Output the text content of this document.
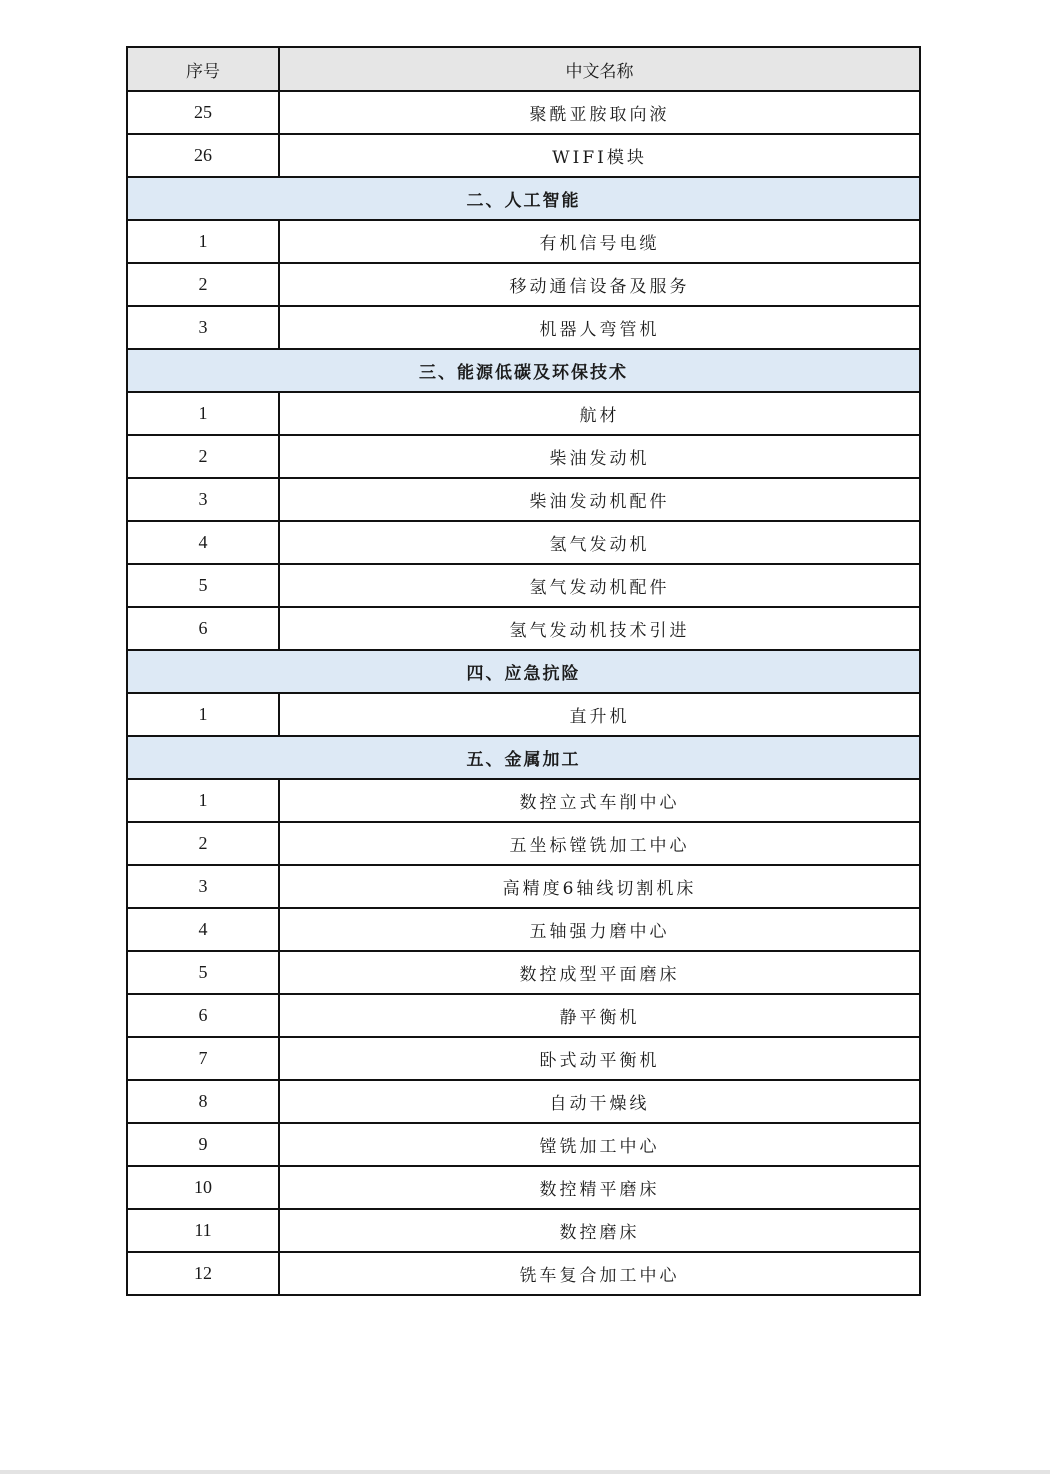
序号	中文名称
25	聚酰亚胺取向液
26	WIFI模块
二、人工智能	
1	有机信号电缆
2	移动通信设备及服务
3	机器人弯管机
三、能源低碳及环保技术	
1	航材
2	柴油发动机
3	柴油发动机配件
4	氢气发动机
5	氢气发动机配件
6	氢气发动机技术引进
四、应急抗险	
1	直升机
五、金属加工	
1	数控立式车削中心
2	五坐标镗铣加工中心
3	高精度6轴线切割机床
4	五轴强力磨中心
5	数控成型平面磨床
6	静平衡机
7	卧式动平衡机
8	自动干燥线
9	镗铣加工中心
10	数控精平磨床
11	数控磨床
12	铣车复合加工中心
